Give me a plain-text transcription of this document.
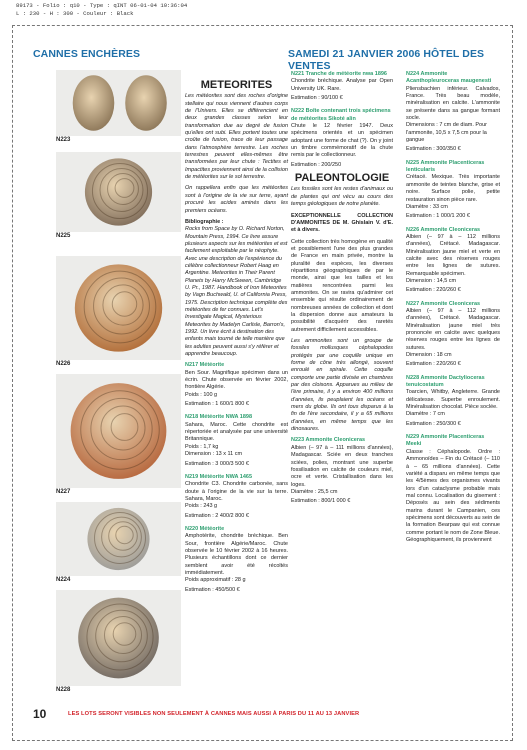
89173 - Folio : q10 - Type : qINT 06-01-04 10:36:04
L : 230 - H : 300 - Couleur : Black
CANNES ENCHÈRES	SAMEDI 21 JANVIER 2006 HÔTEL DES VENTES
N223
N225
N226
N227
N224
N228
METEORITES

Les météorites sont des roches d'origine stellaire qui nous viennent d'autres corps de l'Univers. Elles se différencient en deux grandes classes selon leur transformation due au degré de fusion qu'elles ont subi. Elles portent toutes une croûte de fusion, trace de leur passage dans l'atmosphère terrestre. Les roches terrestres peuvent elles-mêmes être transformées par leur chute : Tectites et Impactites proviennent ainsi de la collision de météorites sur le sol terrestre.

On rappellera enfin que les météorites sont à l'origine de la vie sur terre, ayant procuré les acides aminés dans les premiers océans.

Bibliographie :
Rocks from Space by O. Richard Norton, Mountain Press, 1994. Ce livre assure plusieurs aspects sur les météorites et est facilement exploitable par le néophyte. Avec une description de l'expérience du célèbre collectionneur Robert Haag en Argentine. Meteorites in Their Parent Planets by Harry McSween, Cambridge U. Pr., 1987. Handbook of Iron Meteorites by Vagn Buchwald, U. of California Press, 1975. Description technique complète des météorites de fer connues. Let's Investigate Magical, Mysterious Meteorites by Madelyn Carlisle, Barron's, 1992. Un livre écrit à destination des enfants mais tourné de telle manière que les adultes peuvent aussi s'y référer et apprendre beaucoup.

N217 Météorite
Ben Sour. Magnifique spécimen dans un écrin. Chute observée en février 2002, frontière Algérie.
Poids : 100 g
Estimation : 1 600/1 800 €
N218 Météorite NWA 1898
Sahara, Maroc. Cette chondrite est répertoriée et analysée par une université Britannique.
Poids : 1,7 kg
Dimension : 13 x 11 cm
Estimation : 3 000/3 500 €
N219 Météorite NWA 1465
Chondrite C3. Chondrite carbonée, sans doute à l'origine de la vie sur la terre. Sahara, Maroc.
Poids : 243 g
Estimation : 2 400/2 800 €
N220 Météorite
Amphotérite, chondrite bréchique. Ben Sour, frontière Algérie/Maroc. Chute observée le 10 février 2002 à 16 heures. Plusieurs échantillons dont ce dernier semblent avoir été récoltés immédiatement.
Poids approximatif : 28 g
Estimation : 450/500 €
N221 Tranche de météorite nwa 1896
Chondrite bréchique. Analyse par Open University UK. Rare.
Estimation : 90/100 €
N222 Boîte contenant trois spécimens de météorites Sikoté alin
Chute le 12 février 1947. Deux spécimens orientés et un spécimen adoptant une forme de chat (?). On y joint un timbre commémoratif de la chute remis par le collectionneur.
Estimation : 200/250
PALEONTOLOGIE

Les fossiles sont les restes d'animaux ou de plantes qui ont vécu au cours des temps géologiques de notre planète.

EXCEPTIONNELLE COLLECTION D'AMMONITES DE M. Ghislain V. d'E. et à divers.

Cette collection très homogène en qualité et possiblement l'une des plus grandes de France en main privée, montre la pluralité des espèces, les diverses répartitions géographiques de par le monde, ainsi que les tailles et les matières rencontrées parmi les ammonites. On se ravira qu'admirer cet ensemble qui résulte ordinairement de nombreuses années de collection et dont la dispersion donne aux amateurs la possibilité d'acquérir des raretés autrement difficilement accessibles.

Les ammonites sont un groupe de fossiles mollusques céphalopodes protégés par une coquille unique en forme de cône très allongé, souvent enroulé en spirale. Cette coquille comporte une partie divisée en chambres par des cloisons. Apparues au milieu de l'ère primaire, il y a environ 400 millions d'années, ils peuplaient les océans et mers du globe. Ils ont tous disparus à la fin de l'ère secondaire, il y a 65 millions d'années, en même temps que les dinosaures.

N223 Ammonite Cleoniceras
Albien (– 97 à – 111 millions d'années), Madagascar. Sciée en deux tranches sciées, polies, montrant une superbe fossilisation en calcite de couleurs miel, ocre et verte. Cristallisation dans les loges.
Diamètre : 25,5 cm
Estimation : 800/1 000 €
N224 Ammonite Acanthopleuroceras maugenesti
Pliensbachien inférieur. Calvados, France. Très beau modèle, minéralisation en calcite. L'ammonite se présente dans sa gangue formant socle.
Dimensions : 7 cm de diam. Pour l'ammonite, 10,5 x 7,5 cm pour la gangue
Estimation : 300/350 €
N225 Ammonite Placenticeras lenticularis
Crétacé. Mexique. Très importante ammonite de teintes blanche, grise et noire. Surface polie, petite restauration sinon pièce rare.
Diamètre : 33 cm
Estimation : 1 000/1 200 €
N226 Ammonite Cleoniceras
Albien (– 97 à – 112 millions d'années), Crétacé. Madagascar. Minéralisation jaune miel et verte en calcite avec des réserves rouges entre les lignes de sutures. Remarquable spécimen.
Dimension : 14,5 cm
Estimation : 220/260 €
N227 Ammonite Cleoniceras
Albien (– 97 à – 112 millions d'années), Crétacé. Madagascar. Minéralisation jaune miel très prononcée en calcite avec quelques réserves rouges entre les lignes de sutures.
Dimension : 18 cm
Estimation : 220/260 €
N228 Ammonite Dactylioceras tenuicostatum
Toarcien, Whitby, Angleterre. Grande délicatesse. Superbe enroulement. Minéralisation chocolat. Pièce soclée.
Diamètre : 7 cm
Estimation : 250/300 €
N229 Ammonite Placenticeras Meeki
Classe : Céphalopode. Ordre : Ammonoïdes – Fin du Crétacé (– 110 à – 65 millions d'années). Cette variété a disparu en même temps que les 4/5èmes des organismes vivants lors d'un cataclysme probable mais mal connu. Localisation du gisement : Déposés au sein des sédiments marins durant le Campanien, ces spécimens sont découverts au sein de la formation Bearpaw qui est connue comme portant le nom de Zone Bleue. Géographiquement, ils proviennent
10	LES LOTS SERONT VISIBLES NON SEULEMENT À CANNES MAIS AUSSI À PARIS DU 11 AU 13 JANVIER
